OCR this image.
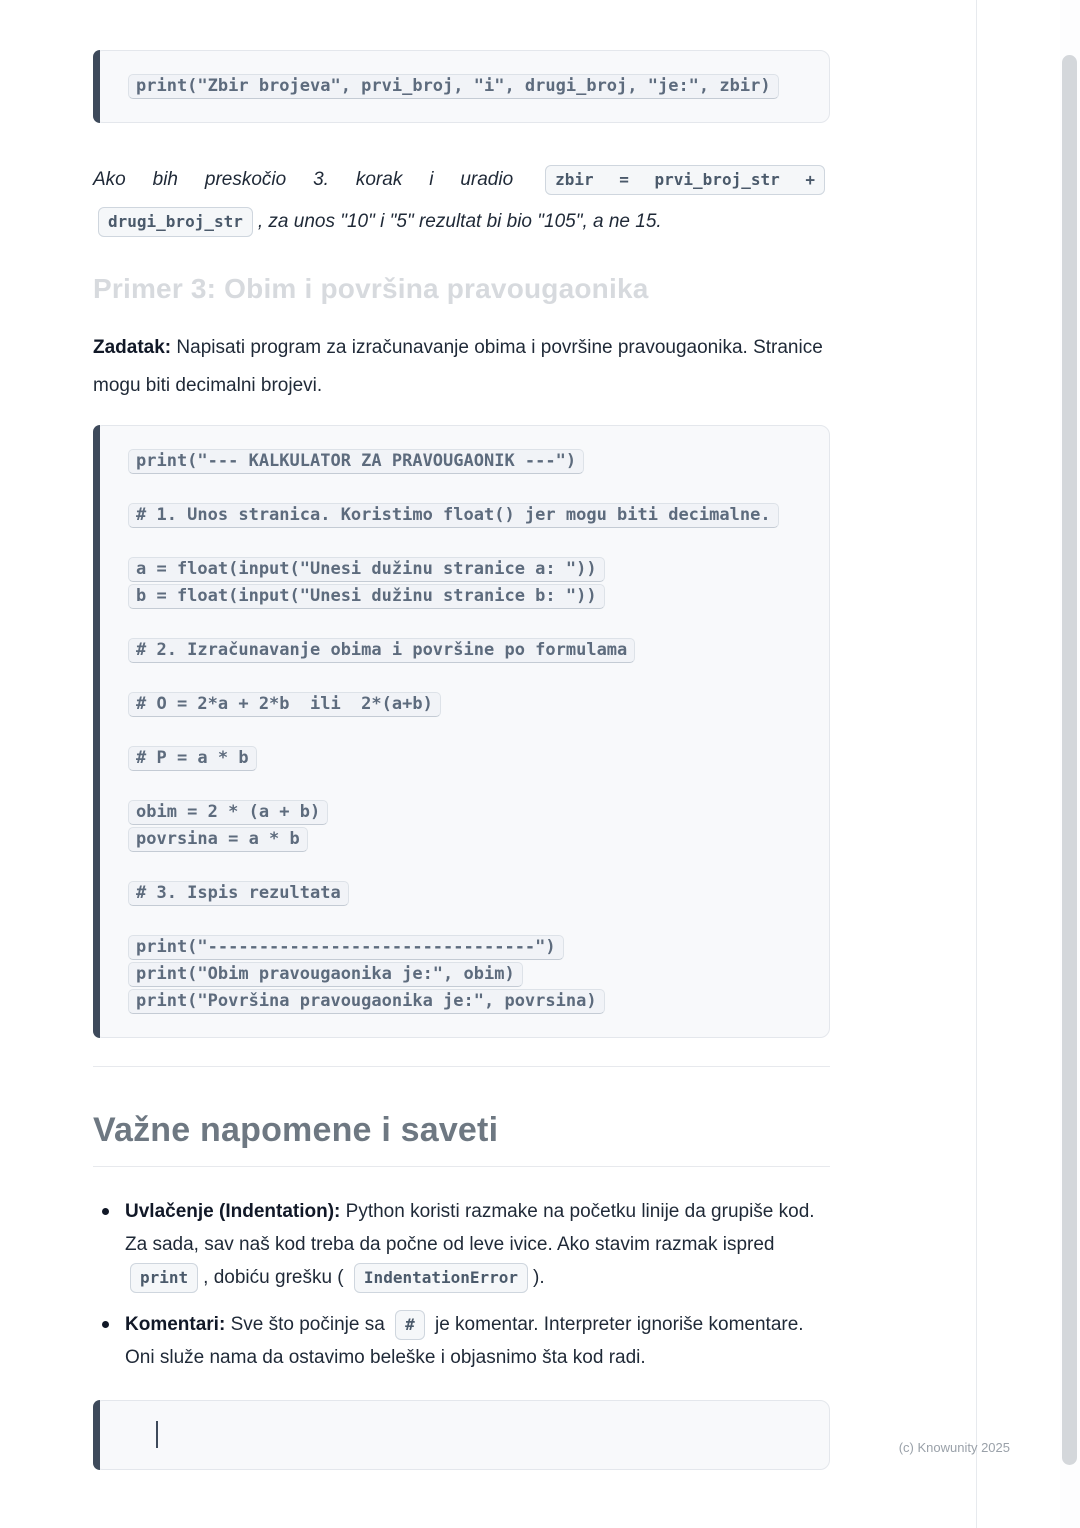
print("Zbir brojeva", prvi_broj, "i", drugi_broj, "je:", zbir)

Ako bih preskočio 3. korak i uradio	zbir = prvi_broj_str + drugi_broj_str , za unos "10" i "5" rezultat bi bio "105", a ne 15.

Primer 3: Obim i površina pravougaonika

Zadatak: Napisati program za izračunavanje obima i površine pravougaonika. Stranice mogu biti decimalni brojevi.

print("--- KALKULATOR ZA PRAVOUGAONIK ---")
# 1. Unos stranica. Koristimo float() jer mogu biti decimalne.
a = float(input("Unesi dužinu stranice a: "))
b = float(input("Unesi dužinu stranice b: "))
# 2. Izračunavanje obima i površine po formulama
# O = 2*a + 2*b  ili  2*(a+b)
# P = a * b
obim = 2 * (a + b)
povrsina = a * b
# 3. Ispis rezultata
print("--------------------------------")
print("Obim pravougaonika je:", obim)
print("Površina pravougaonika je:", povrsina)
Važne napomene i saveti
Uvlačenje (Indentation): Python koristi razmake na početku linije da grupiše kod. Za sada, sav naš kod treba da počne od leve ivice. Ako stavim razmak ispred print , dobiću grešku ( IndentationError ).
Komentari: Sve što počinje sa # je komentar. Interpreter ignoriše komentare. Oni služe nama da ostavimo beleške i objasnimo šta kod radi.
(c) Knowunity 2025
